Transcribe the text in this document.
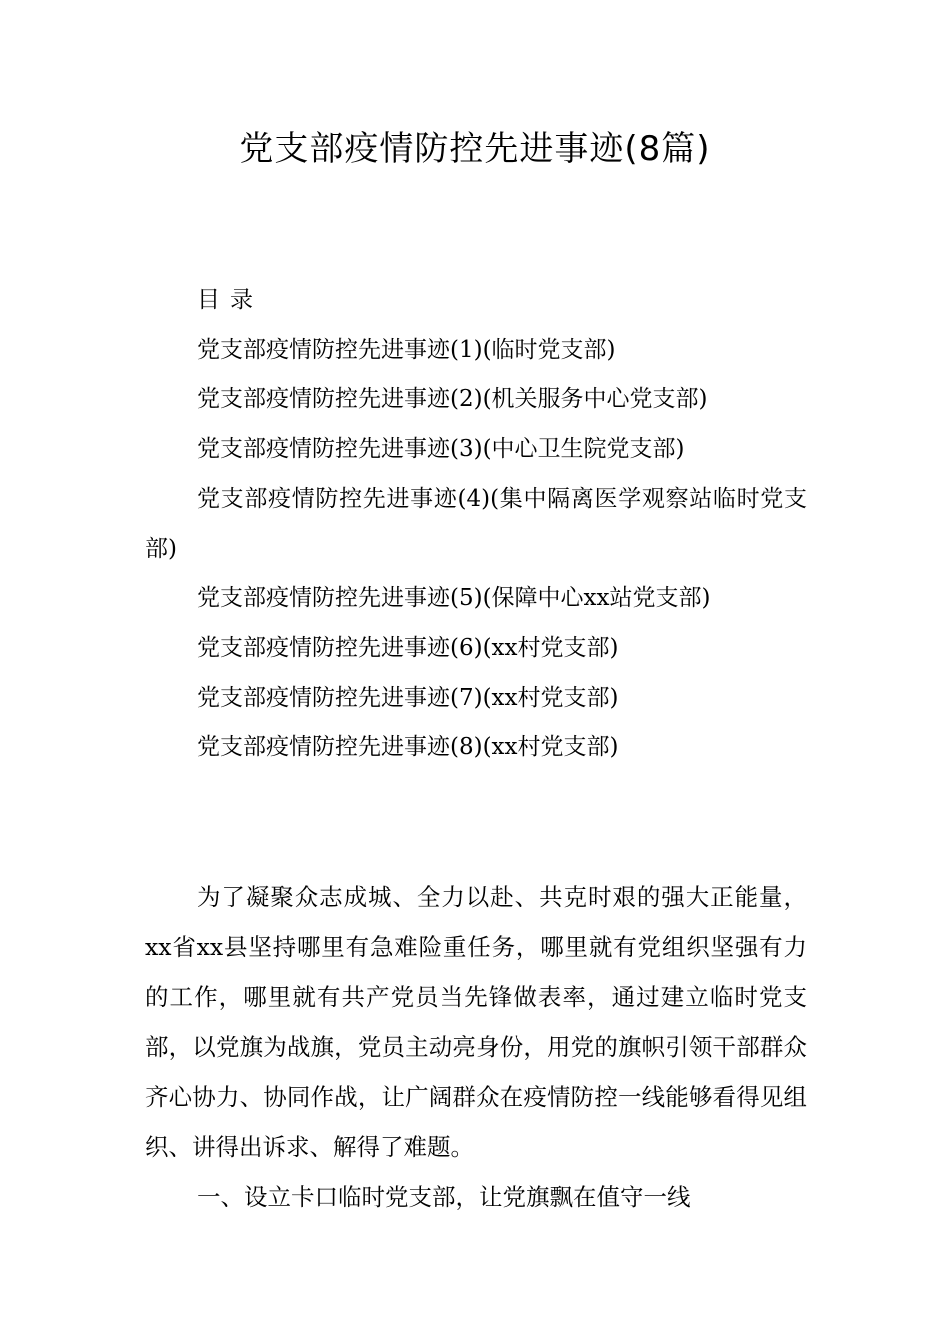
党支部疫情防控先进事迹(8篇)
目录
党支部疫情防控先进事迹(1)(临时党支部)
党支部疫情防控先进事迹(2)(机关服务中心党支部)
党支部疫情防控先进事迹(3)(中心卫生院党支部)
党支部疫情防控先进事迹(4)(集中隔离医学观察站临时党支部)
党支部疫情防控先进事迹(5)(保障中心xx站党支部)
党支部疫情防控先进事迹(6)(xx村党支部)
党支部疫情防控先进事迹(7)(xx村党支部)
党支部疫情防控先进事迹(8)(xx村党支部)

为了凝聚众志成城、全力以赴、共克时艰的强大正能量，xx省xx县坚持哪里有急难险重任务，哪里就有党组织坚强有力的工作，哪里就有共产党员当先锋做表率，通过建立临时党支部，以党旗为战旗，党员主动亮身份，用党的旗帜引领干部群众齐心协力、协同作战，让广阔群众在疫情防控一线能够看得见组织、讲得出诉求、解得了难题。

一、设立卡口临时党支部，让党旗飘在值守一线
